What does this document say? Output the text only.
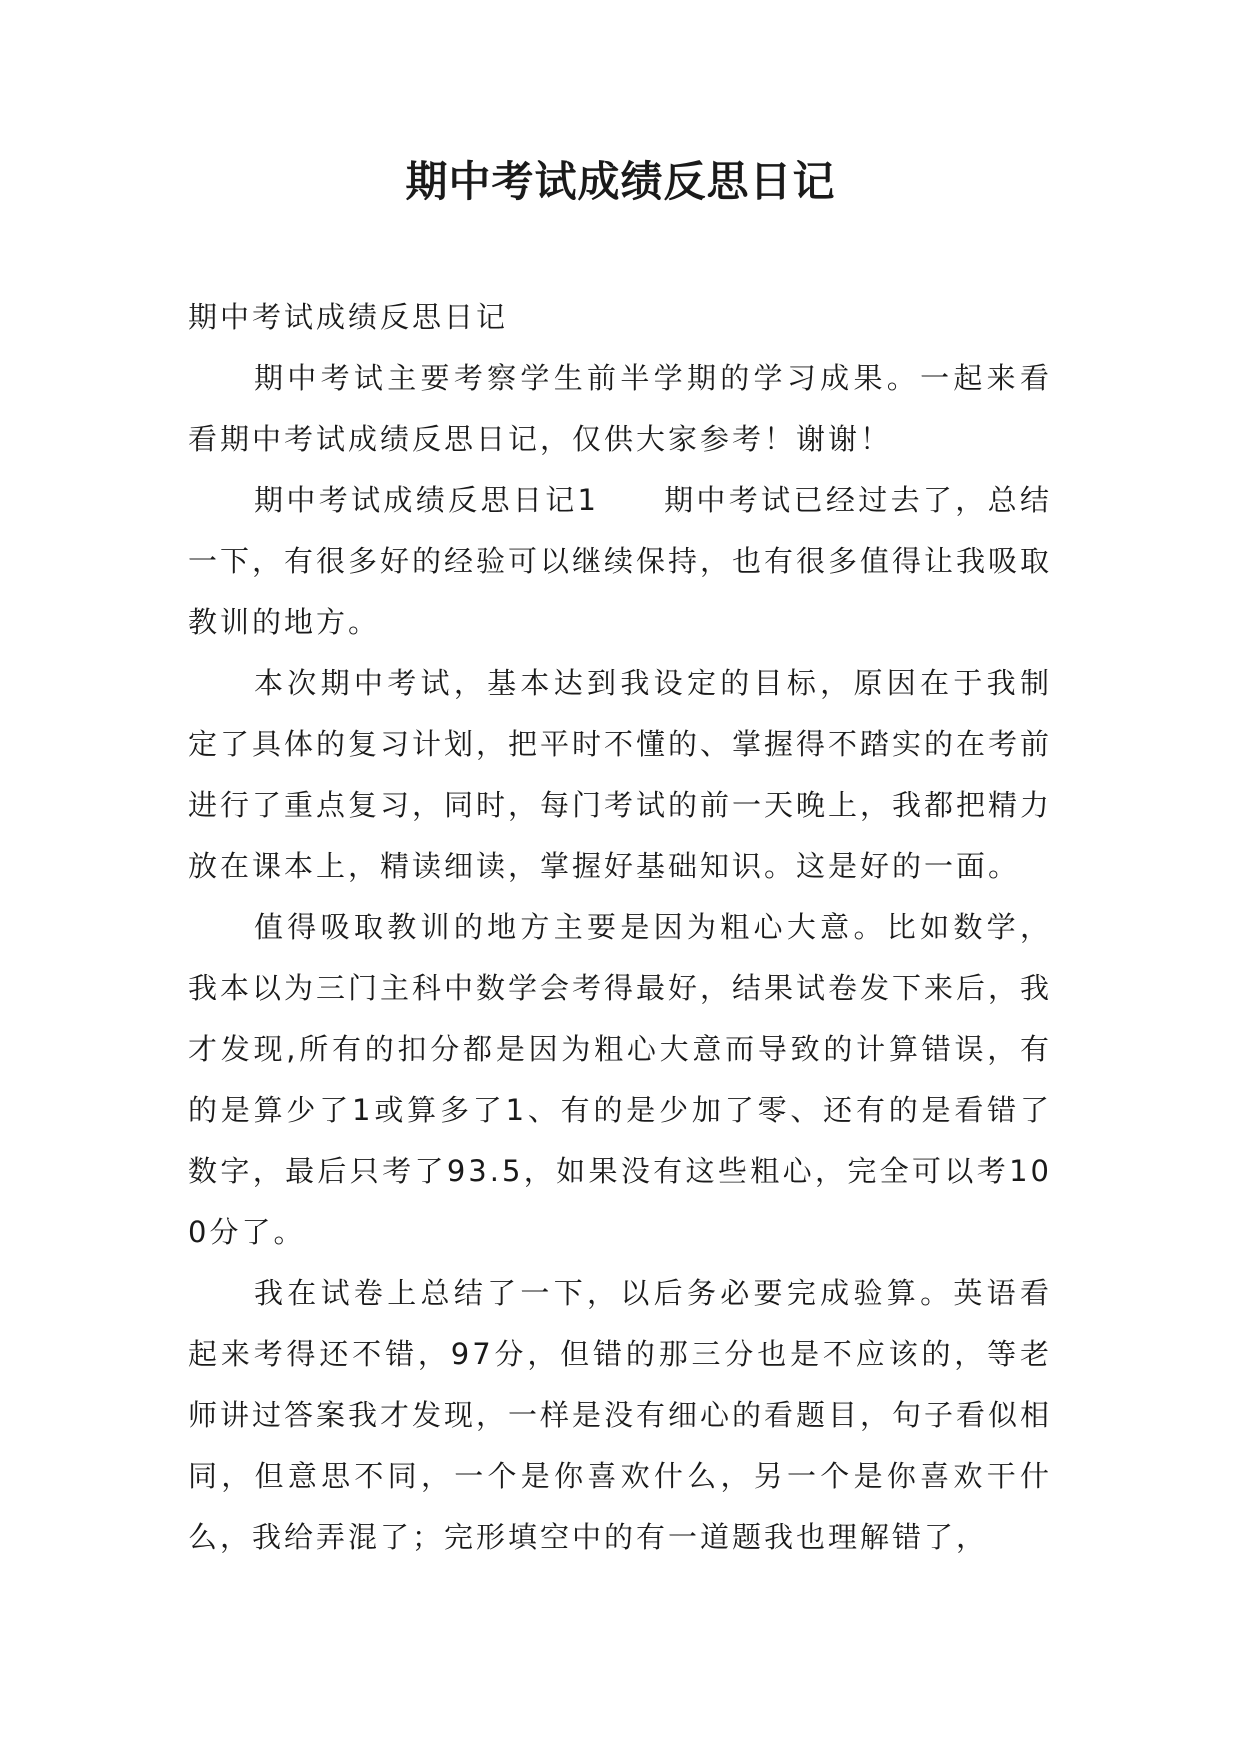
期中考试成绩反思日记

期中考试成绩反思日记

期中考试主要考察学生前半学期的学习成果。一起来看看期中考试成绩反思日记，仅供大家参考！谢谢！

期中考试成绩反思日记1　　期中考试已经过去了，总结一下，有很多好的经验可以继续保持，也有很多值得让我吸取教训的地方。

本次期中考试，基本达到我设定的目标，原因在于我制定了具体的复习计划，把平时不懂的、掌握得不踏实的在考前进行了重点复习，同时，每门考试的前一天晚上，我都把精力放在课本上，精读细读，掌握好基础知识。这是好的一面。

值得吸取教训的地方主要是因为粗心大意。比如数学，我本以为三门主科中数学会考得最好，结果试卷发下来后，我才发现,所有的扣分都是因为粗心大意而导致的计算错误，有的是算少了1或算多了1、有的是少加了零、还有的是看错了数字，最后只考了93.5，如果没有这些粗心，完全可以考100分了。

我在试卷上总结了一下，以后务必要完成验算。英语看起来考得还不错，97分，但错的那三分也是不应该的，等老师讲过答案我才发现，一样是没有细心的看题目，句子看似相同，但意思不同，一个是你喜欢什么，另一个是你喜欢干什么，我给弄混了；完形填空中的有一道题我也理解错了，
